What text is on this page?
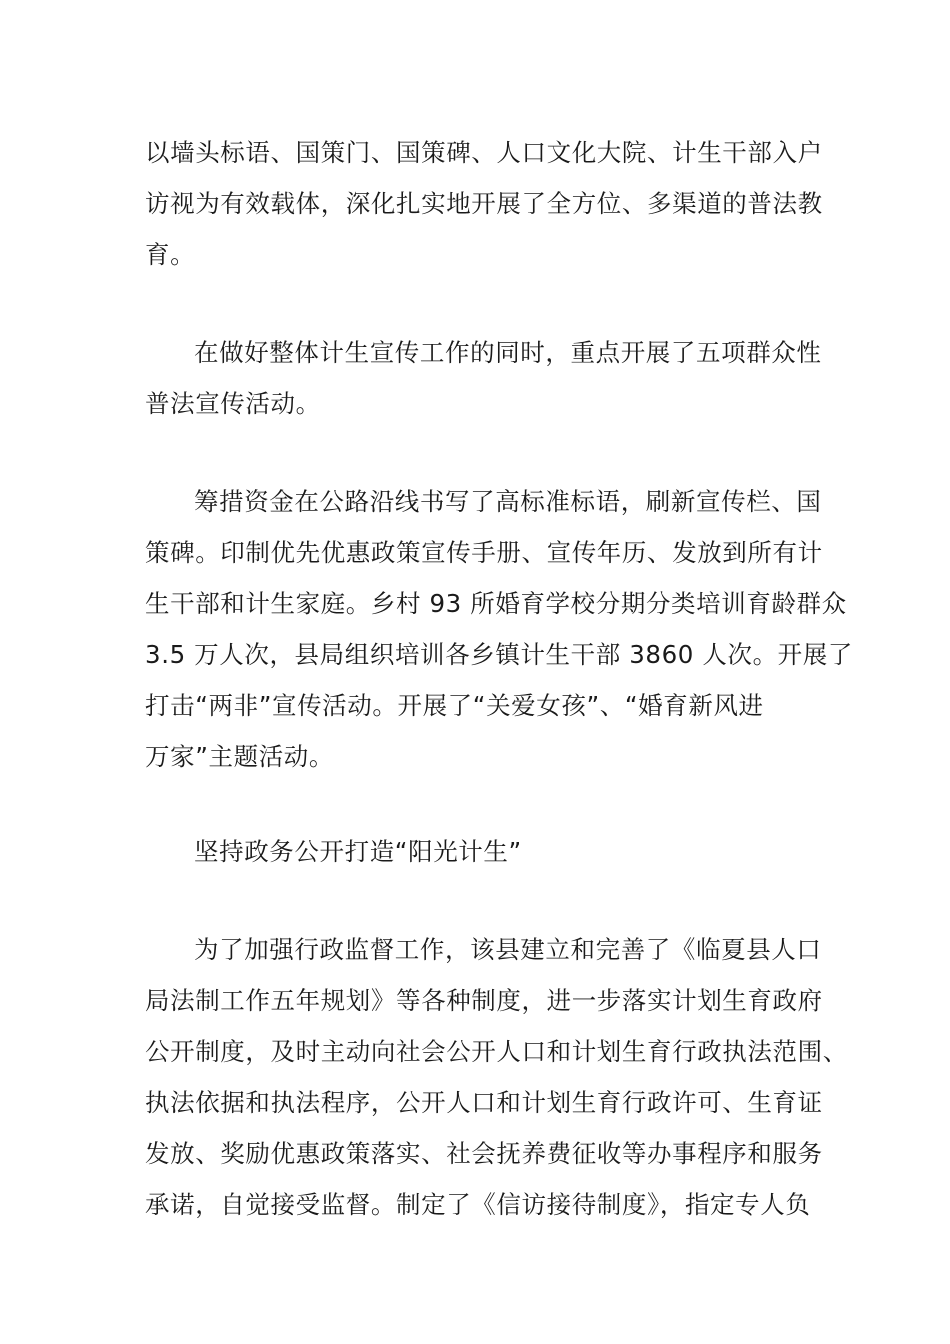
以墙头标语、国策门、国策碑、人口文化大院、计生干部入户
访视为有效载体，深化扎实地开展了全方位、多渠道的普法教
育。
在做好整体计生宣传工作的同时，重点开展了五项群众性
普法宣传活动。
筹措资金在公路沿线书写了高标准标语，刷新宣传栏、国
策碑。印制优先优惠政策宣传手册、宣传年历、发放到所有计
生干部和计生家庭。乡村 93 所婚育学校分期分类培训育龄群众
3.5 万人次，县局组织培训各乡镇计生干部 3860 人次。开展了
打击“两非”宣传活动。开展了“关爱女孩”、“婚育新风进
万家”主题活动。
坚持政务公开打造“阳光计生”
为了加强行政监督工作，该县建立和完善了《临夏县人口
局法制工作五年规划》等各种制度，进一步落实计划生育政府
公开制度，及时主动向社会公开人口和计划生育行政执法范围、
执法依据和执法程序，公开人口和计划生育行政许可、生育证
发放、奖励优惠政策落实、社会抚养费征收等办事程序和服务
承诺，自觉接受监督。制定了《信访接待制度》，指定专人负
